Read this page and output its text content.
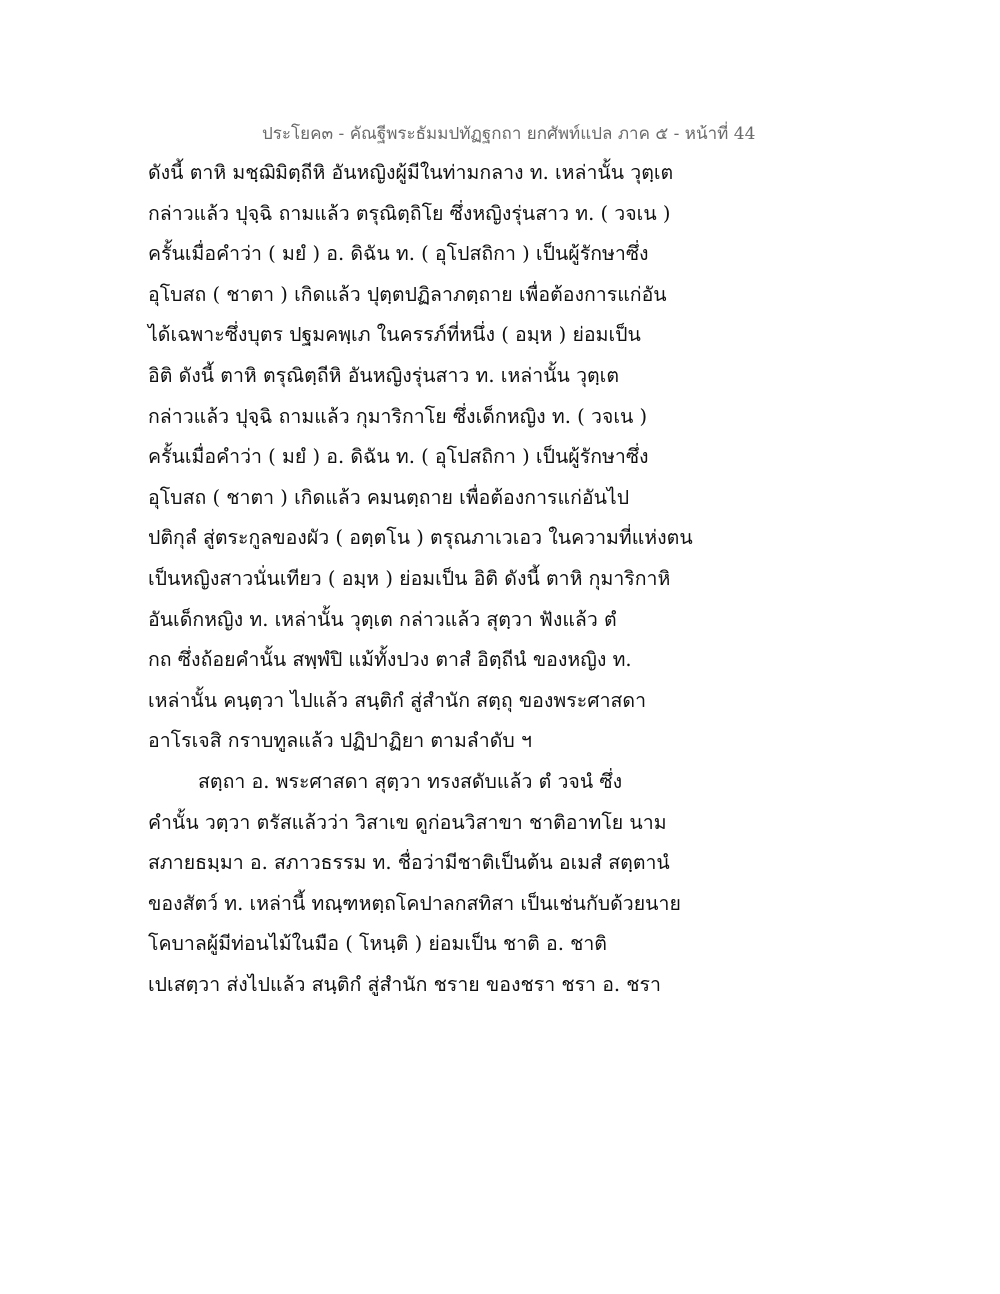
ประโยค๓ - คัณฐีพระธัมมปทัฏฐกถา ยกศัพท์แปล ภาค ๕ - หน้าที่ 44
ดังนี้ ตาหิ มชฺฌิมิตฺถีหิ อันหญิงผู้มีในท่ามกลาง ท. เหล่านั้น วุตฺเต
กล่าวแล้ว ปุจฺฉิ ถามแล้ว ตรุณิตฺถิโย ซึ่งหญิงรุ่นสาว ท. ( วจเน )
ครั้นเมื่อคำว่า ( มยํ ) อ. ดิฉัน ท. ( อุโปสถิกา ) เป็นผู้รักษาซึ่ง
อุโบสถ ( ชาตา ) เกิดแล้ว ปุตฺตปฏิลาภตฺถาย เพื่อต้องการแก่อัน
ได้เฉพาะซึ่งบุตร ปฐมคพฺเภ ในครรภ์ที่หนึ่ง ( อมฺห ) ย่อมเป็น
อิติ ดังนี้ ตาหิ ตรุณิตฺถีหิ อันหญิงรุ่นสาว ท. เหล่านั้น วุตฺเต
กล่าวแล้ว ปุจฺฉิ ถามแล้ว กุมาริกาโย ซึ่งเด็กหญิง ท. ( วจเน )
ครั้นเมื่อคำว่า ( มยํ ) อ. ดิฉัน ท. ( อุโปสถิกา ) เป็นผู้รักษาซึ่ง
อุโบสถ ( ชาตา ) เกิดแล้ว คมนตฺถาย เพื่อต้องการแก่อันไป
ปติกุลํ สู่ตระกูลของผัว ( อตฺตโน ) ตรุณภาเวเอว ในความที่แห่งตน
เป็นหญิงสาวนั่นเทียว ( อมฺห ) ย่อมเป็น อิติ ดังนี้ ตาหิ กุมาริกาหิ
อันเด็กหญิง ท. เหล่านั้น วุตฺเต กล่าวแล้ว สุตฺวา ฟังแล้ว ตํ
กถ ซึ่งถ้อยคำนั้น สพฺพํปิ แม้ทั้งปวง ตาสํ อิตฺถีนํ ของหญิง ท.
เหล่านั้น คนฺตฺวา ไปแล้ว สนฺติกํ สู่สำนัก สตฺถุ ของพระศาสดา
อาโรเจสิ กราบทูลแล้ว ปฏิปาฏิยา ตามลำดับ ฯ
สตฺถา อ. พระศาสดา สุตฺวา ทรงสดับแล้ว ตํ วจนํ ซึ่ง
คำนั้น วตฺวา ตรัสแล้วว่า วิสาเข ดูก่อนวิสาขา ชาติอาทโย นาม
สภายธมฺมา อ. สภาวธรรม ท. ชื่อว่ามีชาติเป็นต้น อเมสํ สตฺตานํ
ของสัตว์ ท. เหล่านี้ ทณฺฑหตฺถโคปาลกสทิสา เป็นเช่นกับด้วยนาย
โคบาลผู้มีท่อนไม้ในมือ ( โหนฺติ ) ย่อมเป็น ชาติ อ. ชาติ
เปเสตฺวา ส่งไปแล้ว สนฺติกํ สู่สำนัก ชราย ของชรา ชรา อ. ชรา
